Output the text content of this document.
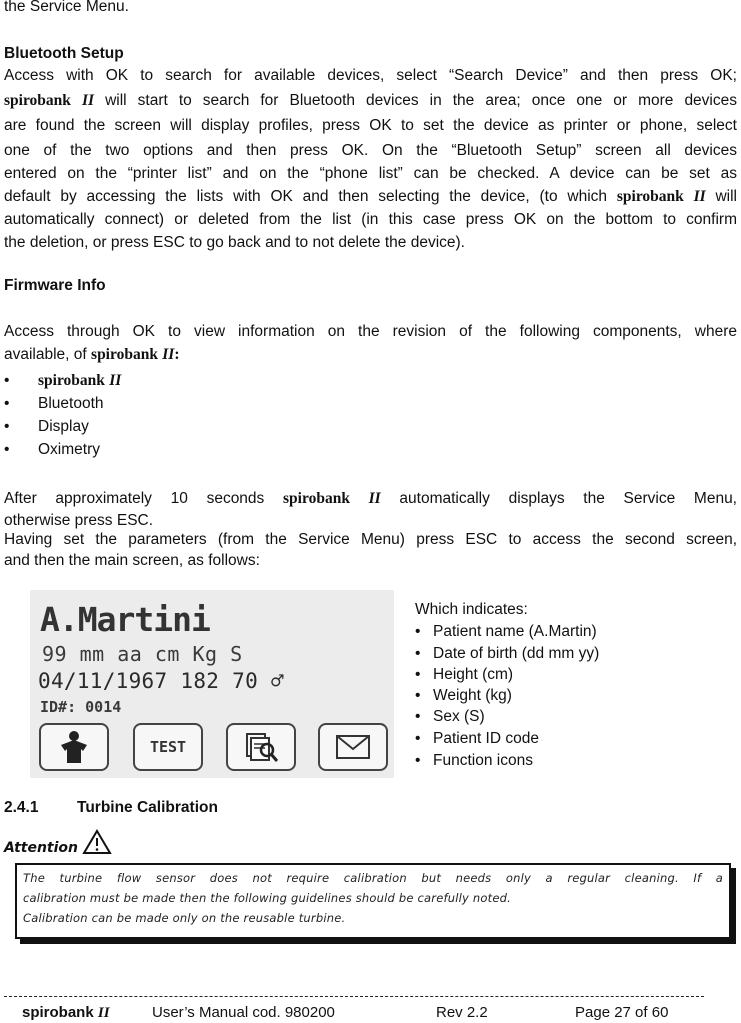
the Service Menu.
Bluetooth Setup
Access with OK to search for available devices, select “Search Device” and then press OK;
spirobank II will start to search for Bluetooth devices in the area; once one or more devices
are found the screen will display profiles, press OK to set the device as printer or phone, select
one of the two options and then press OK. On the “Bluetooth Setup” screen all devices
entered on the “printer list” and on the “phone list” can be checked. A device can be set as
default by accessing the lists with OK and then selecting the device, (to which spirobank II will
automatically connect) or deleted from the list (in this case press OK on the bottom to confirm
the deletion, or press ESC to go back and to not delete the device).
Firmware Info
Access through OK to view information on the revision of the following components, where
available, of spirobank II:
• spirobank II
• Bluetooth
• Display
• Oximetry
After approximately 10 seconds spirobank II automatically displays the Service Menu,
otherwise press ESC.
Having set the parameters (from the Service Menu) press ESC to access the second screen,
and then the main screen, as follows:
A.Martini
99 mm aa cm Kg S
04/11/1967 182 70 ♂
ID#: 0014
TEST
Which indicates:
• Patient name (A.Martin)
• Date of birth (dd mm yy)
• Height (cm)
• Weight (kg)
• Sex (S)
• Patient ID code
• Function icons
2.4.1 Turbine Calibration
Attention
The turbine flow sensor does not require calibration but needs only a regular cleaning. If a
calibration must be made then the following guidelines should be carefully noted.
Calibration can be made only on the reusable turbine.
spirobank II	User’s Manual cod. 980200	Rev 2.2	Page 27 of 60
